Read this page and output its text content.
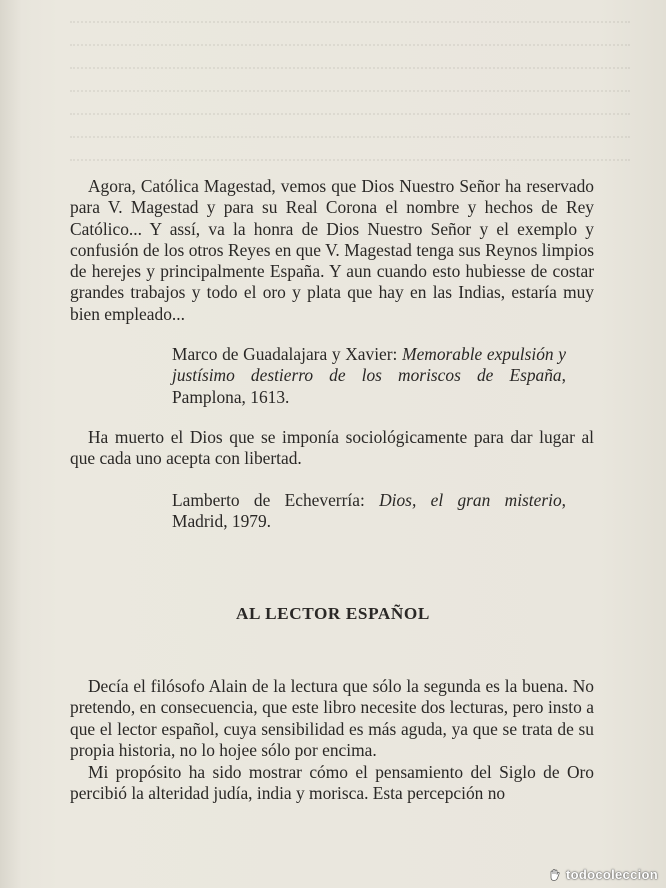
Agora, Católica Magestad, vemos que Dios Nuestro Señor ha reservado para V. Magestad y para su Real Corona el nombre y hechos de Rey Católico... Y assí, va la honra de Dios Nuestro Señor y el exemplo y confusión de los otros Reyes en que V. Magestad tenga sus Reynos limpios de herejes y principalmente España. Y aun cuando esto hubiesse de costar grandes trabajos y todo el oro y plata que hay en las Indias, estaría muy bien empleado...

Marco de Guadalajara y Xavier: Memorable expulsión y justísimo destierro de los moriscos de España, Pamplona, 1613.

Ha muerto el Dios que se imponía sociológicamente para dar lugar al que cada uno acepta con libertad.

Lamberto de Echeverría: Dios, el gran misterio, Madrid, 1979.

AL LECTOR ESPAÑOL

Decía el filósofo Alain de la lectura que sólo la segunda es la buena. No pretendo, en consecuencia, que este libro necesite dos lecturas, pero insto a que el lector español, cuya sensibilidad es más aguda, ya que se trata de su propia historia, no lo hojee sólo por encima.

Mi propósito ha sido mostrar cómo el pensamiento del Siglo de Oro percibió la alteridad judía, india y morisca. Esta percepción no

todocoleccion
